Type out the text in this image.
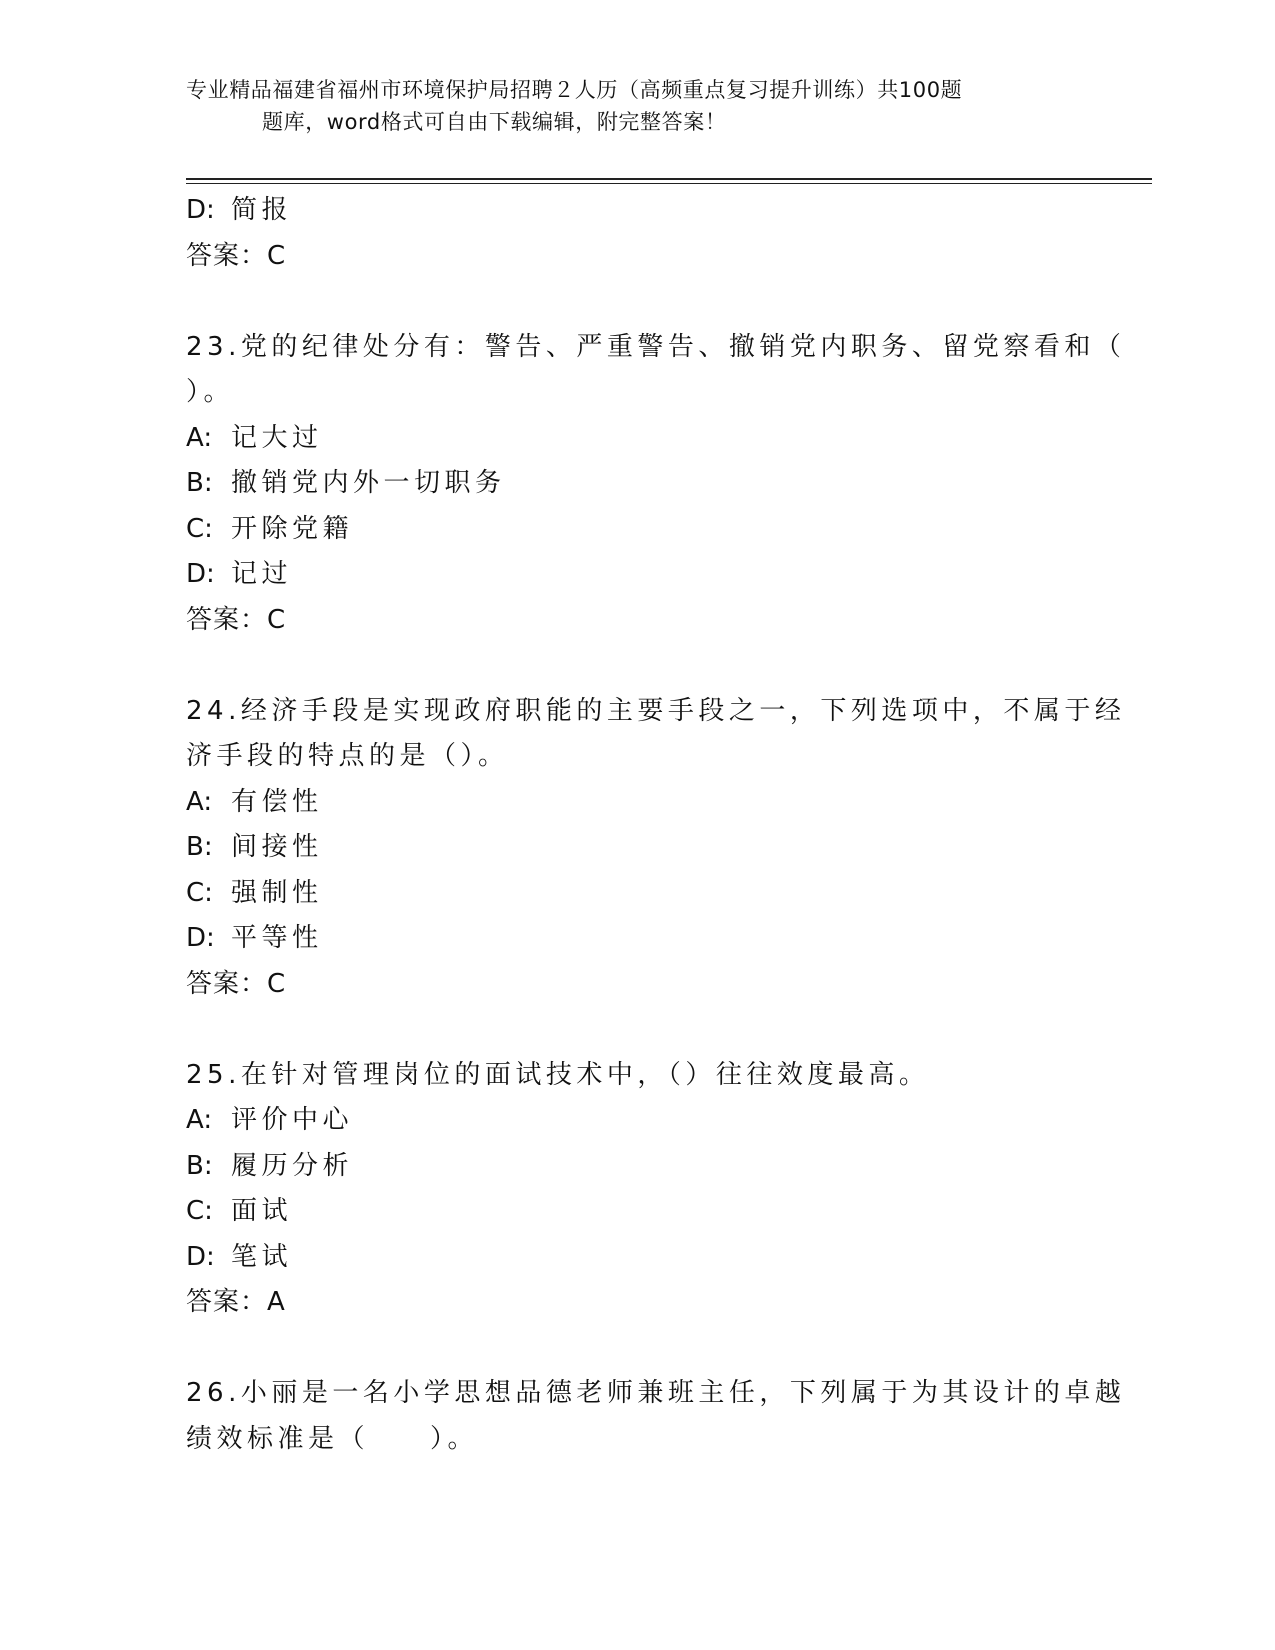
专业精品福建省福州市环境保护局招聘２人历（高频重点复习提升训练）共100题
题库，word格式可自由下载编辑，附完整答案！
D: 简报
答案：C
23.党的纪律处分有：警告、严重警告、撤销党内职务、留党察看和（
）。
A: 记大过
B: 撤销党内外一切职务
C: 开除党籍
D: 记过
答案：C
24.经济手段是实现政府职能的主要手段之一，下列选项中，不属于经
济手段的特点的是（）。
A: 有偿性
B: 间接性
C: 强制性
D: 平等性
答案：C
25.在针对管理岗位的面试技术中，（）往往效度最高。
A: 评价中心
B: 履历分析
C: 面试
D: 笔试
答案：A
26.小丽是一名小学思想品德老师兼班主任，下列属于为其设计的卓越
绩效标准是（　　）。
